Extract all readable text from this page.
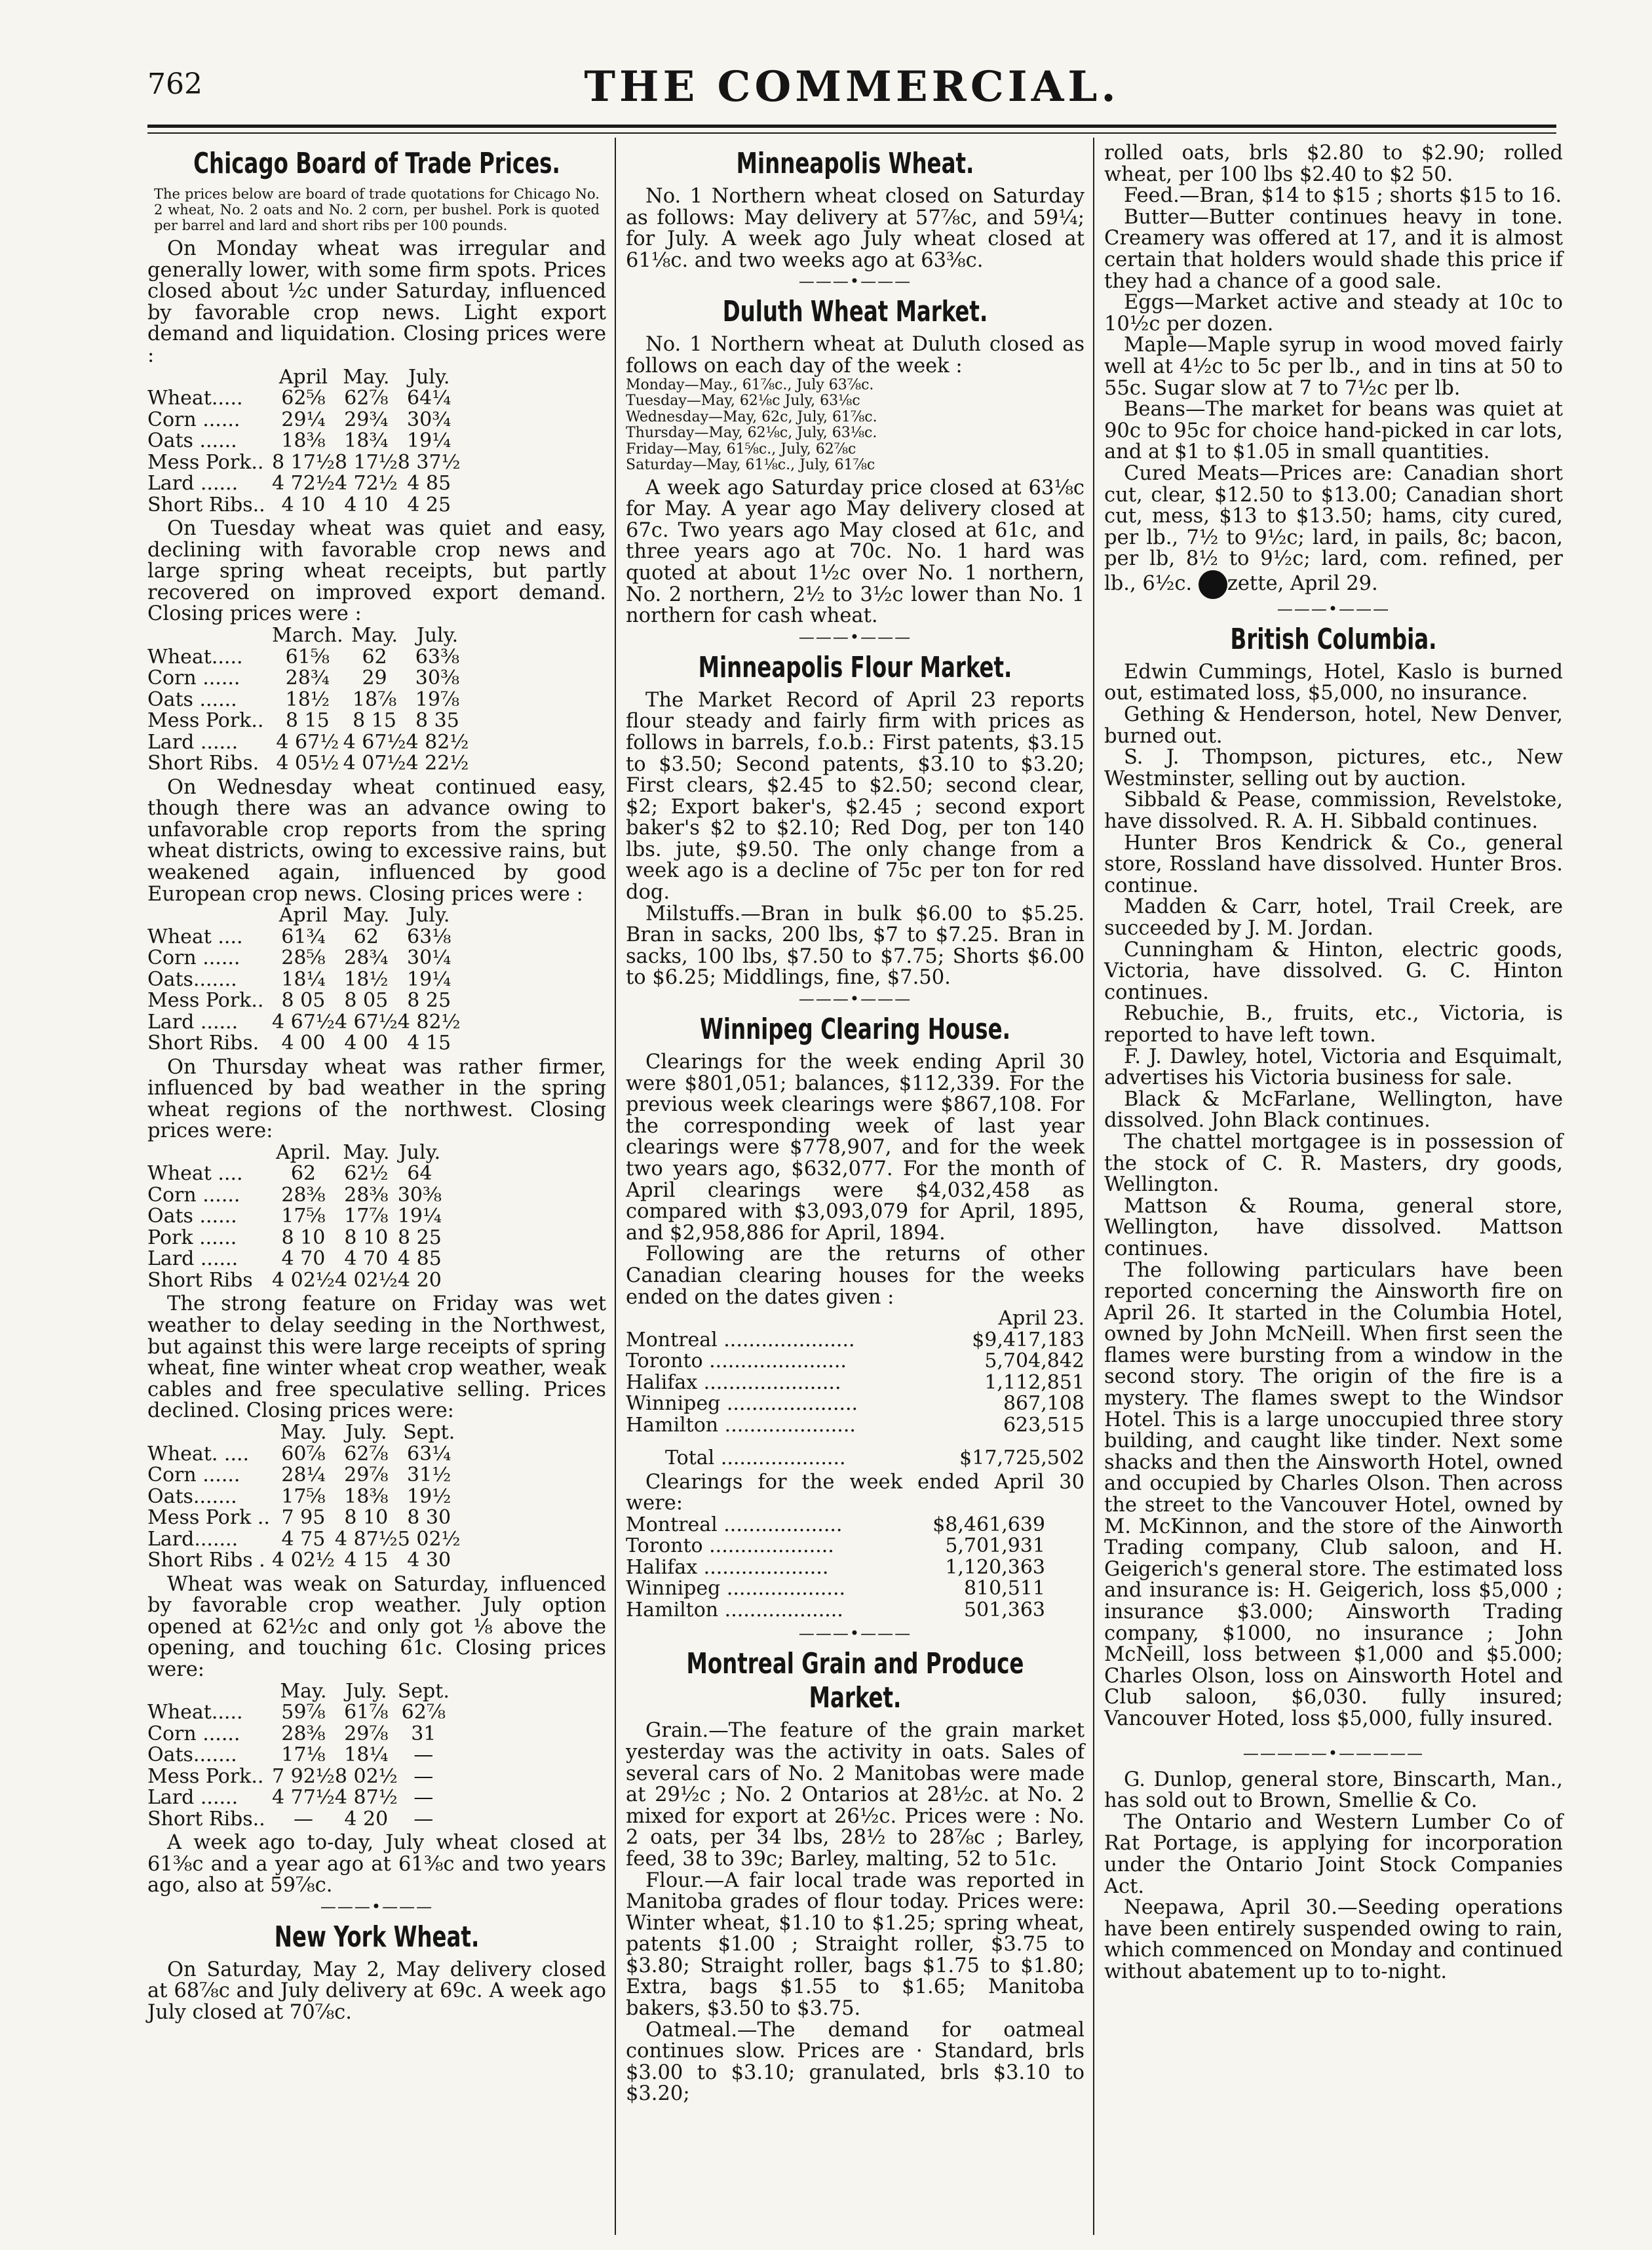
762	THE COMMERCIAL.
Chicago Board of Trade Prices.
The prices below are board of trade quotations for Chicago No. 2 wheat, No. 2 oats and No. 2 corn, per bushel. Pork is quoted per barrel and lard and short ribs per 100 pounds.

On Monday wheat was irregular and generally lower, with some firm spots. Prices closed about ½c under Saturday, influenced by favorable crop news. Light export demand and liquidation. Closing prices were :

	April	May.	July.
Wheat.....	62⅝	62⅞	64¼
Corn ......	29¼	29¾	30¾
Oats ......	18⅜	18¾	19¼
Mess Pork..	8 17½	8 17½	8 37½
Lard ......	4 72½	4 72½	4 85
Short Ribs..	4 10	4 10	4 25

On Tuesday wheat was quiet and easy, declining with favorable crop news and large spring wheat receipts, but partly recovered on improved export demand. Closing prices were :

	March.	May.	July.
Wheat.....	61⅝	62	63⅜
Corn ......	28¾	29	30⅜
Oats ......	18½	18⅞	19⅞
Mess Pork..	8 15	8 15	8 35
Lard ......	4 67½	4 67½	4 82½
Short Ribs.	4 05½	4 07½	4 22½

On Wednesday wheat continued easy, though there was an advance owing to unfavorable crop reports from the spring wheat districts, owing to excessive rains, but weakened again, influenced by good European crop news. Closing prices were :

	April	May.	July.
Wheat ....	61¾	62	63⅛
Corn ......	28⅝	28¾	30¼
Oats.......	18¼	18½	19¼
Mess Pork..	8 05	8 05	8 25
Lard ......	4 67½	4 67½	4 82½
Short Ribs.	4 00	4 00	4 15

On Thursday wheat was rather firmer, influenced by bad weather in the spring wheat regions of the northwest. Closing prices were:

	April.	May.	July.
Wheat ....	62	62½	64
Corn ......	28⅜	28⅜	30⅜
Oats ......	17⅝	17⅞	19¼
Pork ......	8 10	8 10	8 25
Lard ......	4 70	4 70	4 85
Short Ribs	4 02½	4 02½	4 20

The strong feature on Friday was wet weather to delay seeding in the Northwest, but against this were large receipts of spring wheat, fine winter wheat crop weather, weak cables and free speculative selling. Prices declined. Closing prices were:

	May.	July.	Sept.
Wheat. ....	60⅞	62⅞	63¼
Corn ......	28¼	29⅞	31½
Oats.......	17⅝	18⅜	19½
Mess Pork ..	7 95	8 10	8 30
Lard.......	4 75	4 87½	5 02½
Short Ribs .	4 02½	4 15	4 30

Wheat was weak on Saturday, influenced by favorable crop weather. July option opened at 62½c and only got ⅛ above the opening, and touching 61c. Closing prices were:

	May.	July.	Sept.
Wheat.....	59⅞	61⅞	62⅞
Corn ......	28⅜	29⅞	31
Oats.......	17⅛	18¼	—
Mess Pork..	7 92½	8 02½	—
Lard ......	4 77½	4 87½	—
Short Ribs..	—	4 20	—

A week ago to-day, July wheat closed at 61⅜c and a year ago at 61⅜c and two years ago, also at 59⅞c.

———•———
New York Wheat.

On Saturday, May 2, May delivery closed at 68⅞c and July delivery at 69c. A week ago July closed at 70⅞c.

Minneapolis Wheat.

No. 1 Northern wheat closed on Saturday as follows: May delivery at 57⅞c, and 59¼; for July. A week ago July wheat closed at 61⅛c. and two weeks ago at 63⅜c.

———•———
Duluth Wheat Market.

No. 1 Northern wheat at Duluth closed as follows on each day of the week :

Monday—May., 61⅞c., July 63⅞c.
Tuesday—May, 62⅛c July, 63⅛c
Wednesday—May, 62c, July, 61⅞c.
Thursday—May, 62⅛c, July, 63⅛c.
Friday—May, 61⅝c., July, 62⅞c
Saturday—May, 61⅛c., July, 61⅞c

A week ago Saturday price closed at 63⅛c for May. A year ago May delivery closed at 67c. Two years ago May closed at 61c, and three years ago at 70c. No. 1 hard was quoted at about 1½c over No. 1 northern, No. 2 northern, 2½ to 3½c lower than No. 1 northern for cash wheat.

———•———
Minneapolis Flour Market.

The Market Record of April 23 reports flour steady and fairly firm with prices as follows in barrels, f.o.b.: First patents, $3.15 to $3.50; Second patents, $3.10 to $3.20; First clears, $2.45 to $2.50; second clear, $2; Export baker's, $2.45 ; second export baker's $2 to $2.10; Red Dog, per ton 140 lbs. jute, $9.50. The only change from a week ago is a decline of 75c per ton for red dog.

Milstuffs.—Bran in bulk $6.00 to $5.25. Bran in sacks, 200 lbs, $7 to $7.25. Bran in sacks, 100 lbs, $7.50 to $7.75; Shorts $6.00 to $6.25; Middlings, fine, $7.50.

———•———
Winnipeg Clearing House.

Clearings for the week ending April 30 were $801,051; balances, $112,339. For the previous week clearings were $867,108. For the corresponding week of last year clearings were $778,907, and for the week two years ago, $632,077. For the month of April clearings were $4,032,458 as compared with $3,093,079 for April, 1895, and $2,958,886 for April, 1894.

Following are the returns of other Canadian clearing houses for the weeks ended on the dates given :

	April 23.
Montreal .....................	$9,417,183
Toronto ......................	5,704,842
Halifax ......................	1,112,851
Winnipeg .....................	867,108
Hamilton .....................	623,515
Total ....................	$17,725,502

Clearings for the week ended April 30 were:

Montreal ...................	$8,461,639
Toronto ....................	5,701,931
Halifax ....................	1,120,363
Winnipeg ...................	810,511
Hamilton ...................	501,363
———•———
Montreal Grain and Produce Market.

Grain.—The feature of the grain market yesterday was the activity in oats. Sales of several cars of No. 2 Manitobas were made at 29½c ; No. 2 Ontarios at 28½c. at No. 2 mixed for export at 26½c. Prices were : No. 2 oats, per 34 lbs, 28½ to 28⅞c ; Barley, feed, 38 to 39c; Barley, malting, 52 to 51c.

Flour.—A fair local trade was reported in Manitoba grades of flour today. Prices were: Winter wheat, $1.10 to $1.25; spring wheat, patents $1.00 ; Straight roller, $3.75 to $3.80; Straight roller, bags $1.75 to $1.80; Extra, bags $1.55 to $1.65; Manitoba bakers, $3.50 to $3.75.

Oatmeal.—The demand for oatmeal continues slow. Prices are · Standard, brls $3.00 to $3.10; granulated, brls $3.10 to $3.20;

rolled oats, brls $2.80 to $2.90; rolled wheat, per 100 lbs $2.40 to $2 50.

Feed.—Bran, $14 to $15 ; shorts $15 to 16.

Butter—Butter continues heavy in tone. Creamery was offered at 17, and it is almost certain that holders would shade this price if they had a chance of a good sale.

Eggs—Market active and steady at 10c to 10½c per dozen.

Maple—Maple syrup in wood moved fairly well at 4½c to 5c per lb., and in tins at 50 to 55c. Sugar slow at 7 to 7½c per lb.

Beans—The market for beans was quiet at 90c to 95c for choice hand-picked in car lots, and at $1 to $1.05 in small quantities.

Cured Meats—Prices are: Canadian short cut, clear, $12.50 to $13.00; Canadian short cut, mess, $13 to $13.50; hams, city cured, per lb., 7½ to 9½c; lard, in pails, 8c; bacon, per lb, 8½ to 9½c; lard, com. refined, per lb., 6½c. zette, April 29.

———•———
British Columbia.

Edwin Cummings, Hotel, Kaslo is burned out, estimated loss, $5,000, no insurance.

Gething & Henderson, hotel, New Denver, burned out.

S. J. Thompson, pictures, etc., New Westminster, selling out by auction.

Sibbald & Pease, commission, Revelstoke, have dissolved. R. A. H. Sibbald continues.

Hunter Bros Kendrick & Co., general store, Rossland have dissolved. Hunter Bros. continue.

Madden & Carr, hotel, Trail Creek, are succeeded by J. M. Jordan.

Cunningham & Hinton, electric goods, Victoria, have dissolved. G. C. Hinton continues.

Rebuchie, B., fruits, etc., Victoria, is reported to have left town.

F. J. Dawley, hotel, Victoria and Esquimalt, advertises his Victoria business for sale.

Black & McFarlane, Wellington, have dissolved. John Black continues.

The chattel mortgagee is in possession of the stock of C. R. Masters, dry goods, Wellington.

Mattson & Rouma, general store, Wellington, have dissolved. Mattson continues.

The following particulars have been reported concerning the Ainsworth fire on April 26. It started in the Columbia Hotel, owned by John McNeill. When first seen the flames were bursting from a window in the second story. The origin of the fire is a mystery. The flames swept to the Windsor Hotel. This is a large unoccupied three story building, and caught like tinder. Next some shacks and then the Ainsworth Hotel, owned and occupied by Charles Olson. Then across the street to the Vancouver Hotel, owned by M. McKinnon, and the store of the Ainworth Trading company, Club saloon, and H. Geigerich's general store. The estimated loss and insurance is: H. Geigerich, loss $5,000 ; insurance $3.000; Ainsworth Trading company, $1000, no insurance ; John McNeill, loss between $1,000 and $5.000; Charles Olson, loss on Ainsworth Hotel and Club saloon, $6,030. fully insured; Vancouver Hoted, loss $5,000, fully insured.

—————•—————

G. Dunlop, general store, Binscarth, Man., has sold out to Brown, Smellie & Co.

The Ontario and Western Lumber Co of Rat Portage, is applying for incorporation under the Ontario Joint Stock Companies Act.

Neepawa, April 30.—Seeding operations have been entirely suspended owing to rain, which commenced on Monday and continued without abatement up to to-night.
